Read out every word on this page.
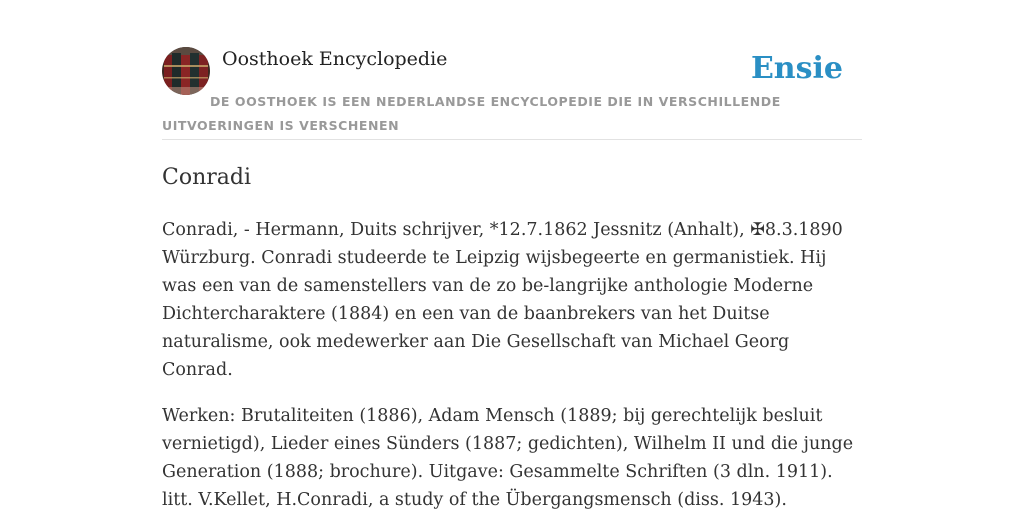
Oosthoek Encyclopedie	Ensie
DE OOSTHOEK IS EEN NEDERLANDSE ENCYCLOPEDIE DIE IN VERSCHILLENDE UITVOERINGEN IS VERSCHENEN
Conradi

Conradi, - Hermann, Duits schrijver, *12.7.1862 Jessnitz (Anhalt), ✠8.3.1890 Würzburg. Conradi studeerde te Leipzig wijsbegeerte en germanistiek. Hij was een van de samenstellers van de zo be-langrijke anthologie Moderne Dichtercharaktere (1884) en een van de baanbrekers van het Duitse naturalisme, ook medewerker aan Die Gesellschaft van Michael Georg Conrad.

Werken: Brutaliteiten (1886), Adam Mensch (1889; bij gerechtelijk besluit vernietigd), Lieder eines Sünders (1887; gedichten), Wilhelm II und die junge Generation (1888; brochure). Uitgave: Gesammelte Schriften (3 dln. 1911). litt. V.Kellet, H.Conradi, a study of the Übergangsmensch (diss. 1943).
